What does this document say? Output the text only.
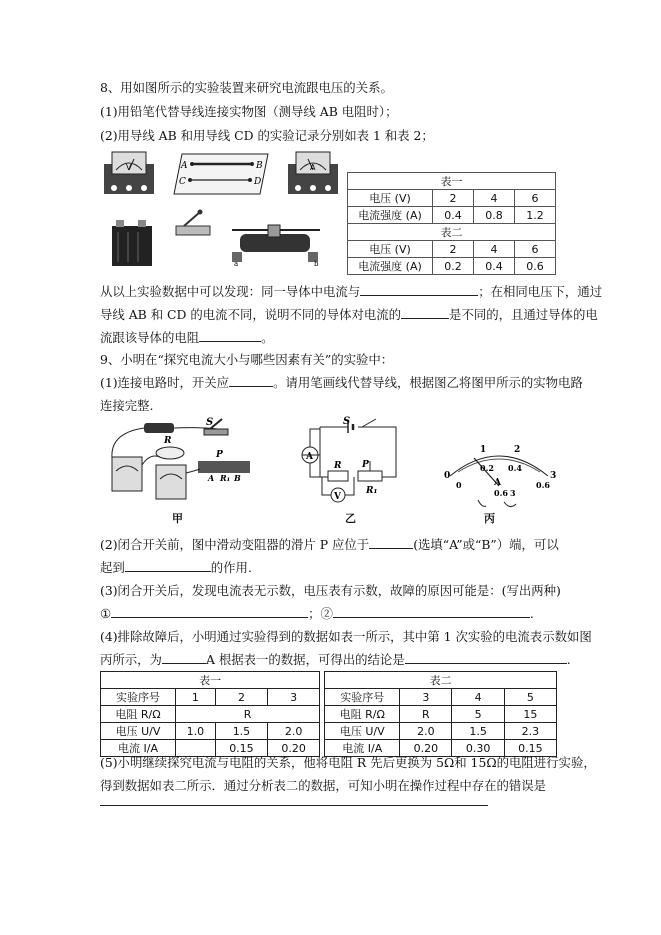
8、用如图所示的实验装置来研究电流跟电压的关系。
(1)用铅笔代替导线连接实物图（测导线 AB 电阻时）；
(2)用导线 AB 和用导线 CD 的实验记录分别如表 1 和表 2；
V	A	B
C	D
A
a	b
表一			
电压 (V)	2	4	6
电流强度 (A)	0.4	0.8	1.2
表二			
电压 (V)	2	4	6
电流强度 (A)	0.2	0.4	0.6
从以上实验数据中可以发现：同一导体中电流与	；在相同电压下，通过
导线 AB 和 CD 的电流不同，说明不同的导体对电流的	是不同的，且通过导体的电
流跟该导体的电阻	。
9、小明在“探究电流大小与哪些因素有关”的实验中：
(1)连接电路时，开关应	。请用笔画线代替导线，根据图乙将图甲所示的实物电路
连接完整.
S
R
P
A R₁ B
甲
S
A
R P
R₁
V
乙
0	3
1	2
0	0.6
0.2 0.4
A
0.6 3
丙
(2)闭合开关前，图中滑动变阻器的滑片 P 应位于	(选填“A”或“B”）端，可以
起到	的作用.
(3)闭合开关后，发现电流表无示数，电压表有示数，故障的原因可能是：(写出两种)
①	；②	.
(4)排除故障后，小明通过实验得到的数据如表一所示，其中第 1 次实验的电流表示数如图
丙所示，为	A 根据表一的数据，可得出的结论是	.
表一					表二			
实验序号	1	2	3		实验序号	3	4	5
电阻 R/Ω	R				电阻 R/Ω	R	5	15
电压 U/V	1.0	1.5	2.0		电压 U/V	2.0	1.5	2.3
电流 I/A		0.15	0.20		电流 I/A	0.20	0.30	0.15
(5)小明继续探究电流与电阻的关系，他将电阻 R 先后更换为 5Ω和 15Ω的电阻进行实验，
得到数据如表二所示．通过分析表二的数据，可知小明在操作过程中存在的错误是
